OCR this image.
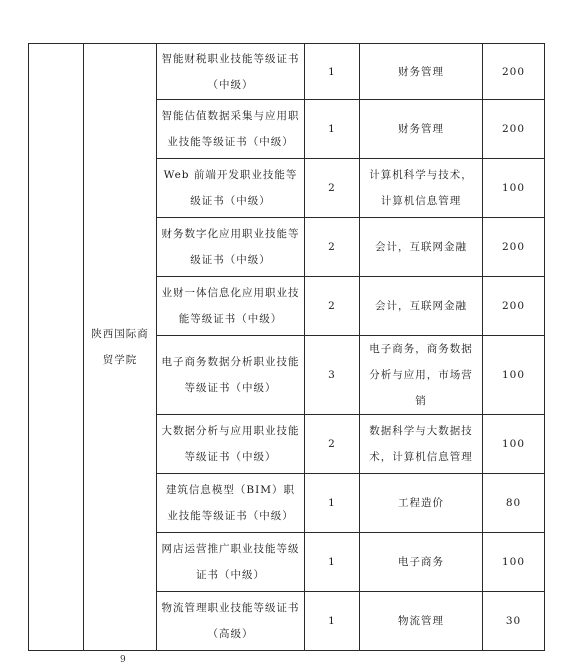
	陕西国际商贸学院	智能财税职业技能等级证书（中级）	1	财务管理	200
		智能估值数据采集与应用职业技能等级证书（中级）	1	财务管理	200
		Web 前端开发职业技能等级证书（中级）	2	计算机科学与技术，计算机信息管理	100
		财务数字化应用职业技能等级证书（中级）	2	会计，互联网金融	200
		业财一体信息化应用职业技能等级证书（中级）	2	会计，互联网金融	200
		电子商务数据分析职业技能等级证书（中级）	3	电子商务，商务数据分析与应用，市场营销	100
		大数据分析与应用职业技能等级证书（中级）	2	数据科学与大数据技术，计算机信息管理	100
		建筑信息模型（BIM）职业技能等级证书（中级）	1	工程造价	80
		网店运营推广职业技能等级证书（中级）	1	电子商务	100
		物流管理职业技能等级证书（高级）	1	物流管理	30
9
